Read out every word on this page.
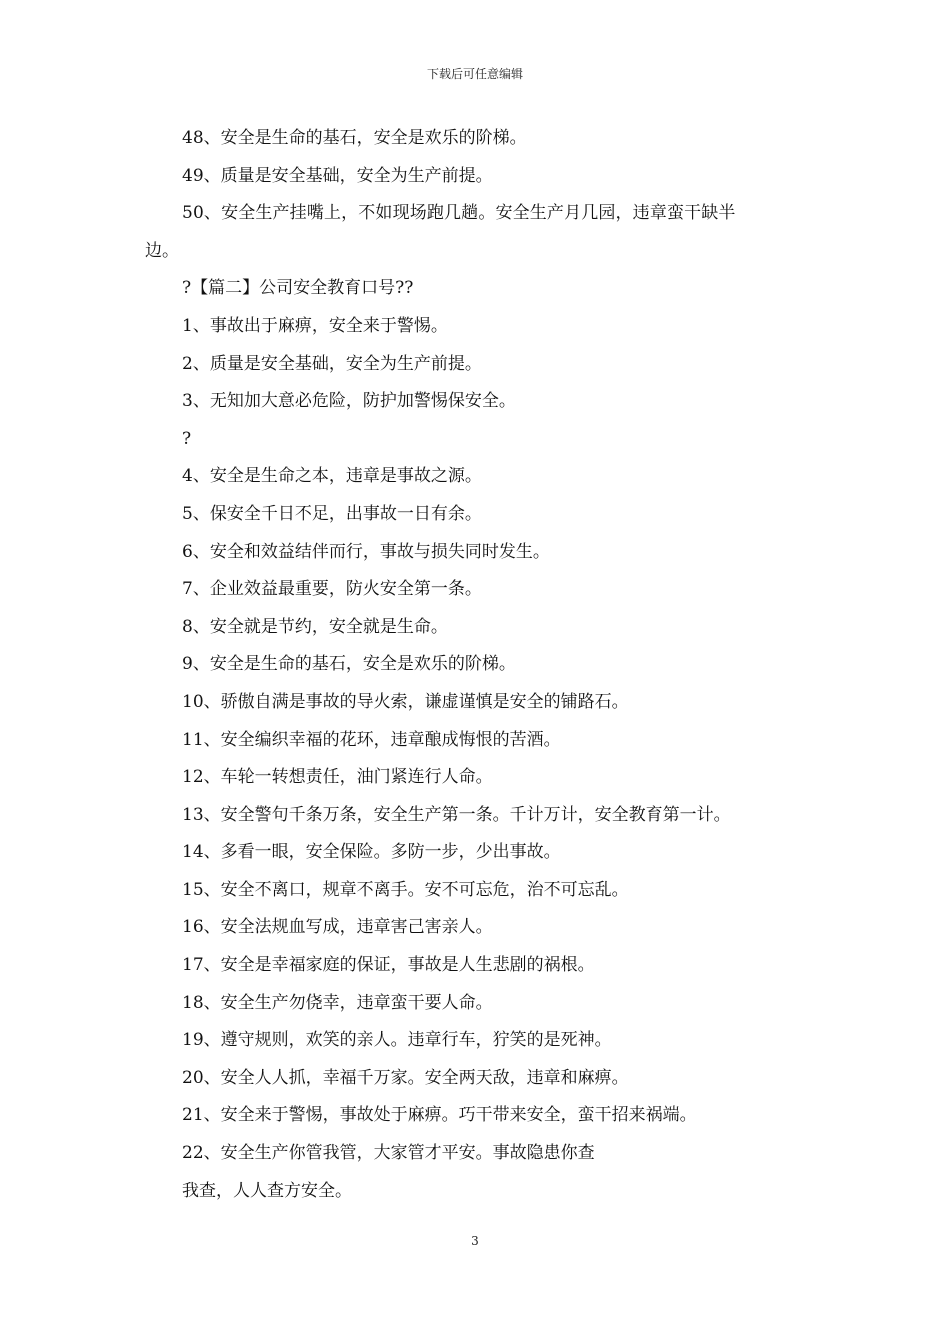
下载后可任意编辑
48、安全是生命的基石，安全是欢乐的阶梯。
49、质量是安全基础，安全为生产前提。
50、安全生产挂嘴上，不如现场跑几趟。安全生产月几园，违章蛮干缺半
边。
?【篇二】公司安全教育口号??
1、事故出于麻痹，安全来于警惕。
2、质量是安全基础，安全为生产前提。
3、无知加大意必危险，防护加警惕保安全。
?
4、安全是生命之本，违章是事故之源。
5、保安全千日不足，出事故一日有余。
6、安全和效益结伴而行，事故与损失同时发生。
7、企业效益最重要，防火安全第一条。
8、安全就是节约，安全就是生命。
9、安全是生命的基石，安全是欢乐的阶梯。
10、骄傲自满是事故的导火索，谦虚谨慎是安全的铺路石。
11、安全编织幸福的花环，违章酿成悔恨的苦酒。
12、车轮一转想责任，油门紧连行人命。
13、安全警句千条万条，安全生产第一条。千计万计，安全教育第一计。
14、多看一眼，安全保险。多防一步，少出事故。
15、安全不离口，规章不离手。安不可忘危，治不可忘乱。
16、安全法规血写成，违章害己害亲人。
17、安全是幸福家庭的保证，事故是人生悲剧的祸根。
18、安全生产勿侥幸，违章蛮干要人命。
19、遵守规则，欢笑的亲人。违章行车，狞笑的是死神。
20、安全人人抓，幸福千万家。安全两天敌，违章和麻痹。
21、安全来于警惕，事故处于麻痹。巧干带来安全，蛮干招来祸端。
22、安全生产你管我管，大家管才平安。事故隐患你查
我查，人人查方安全。
3
